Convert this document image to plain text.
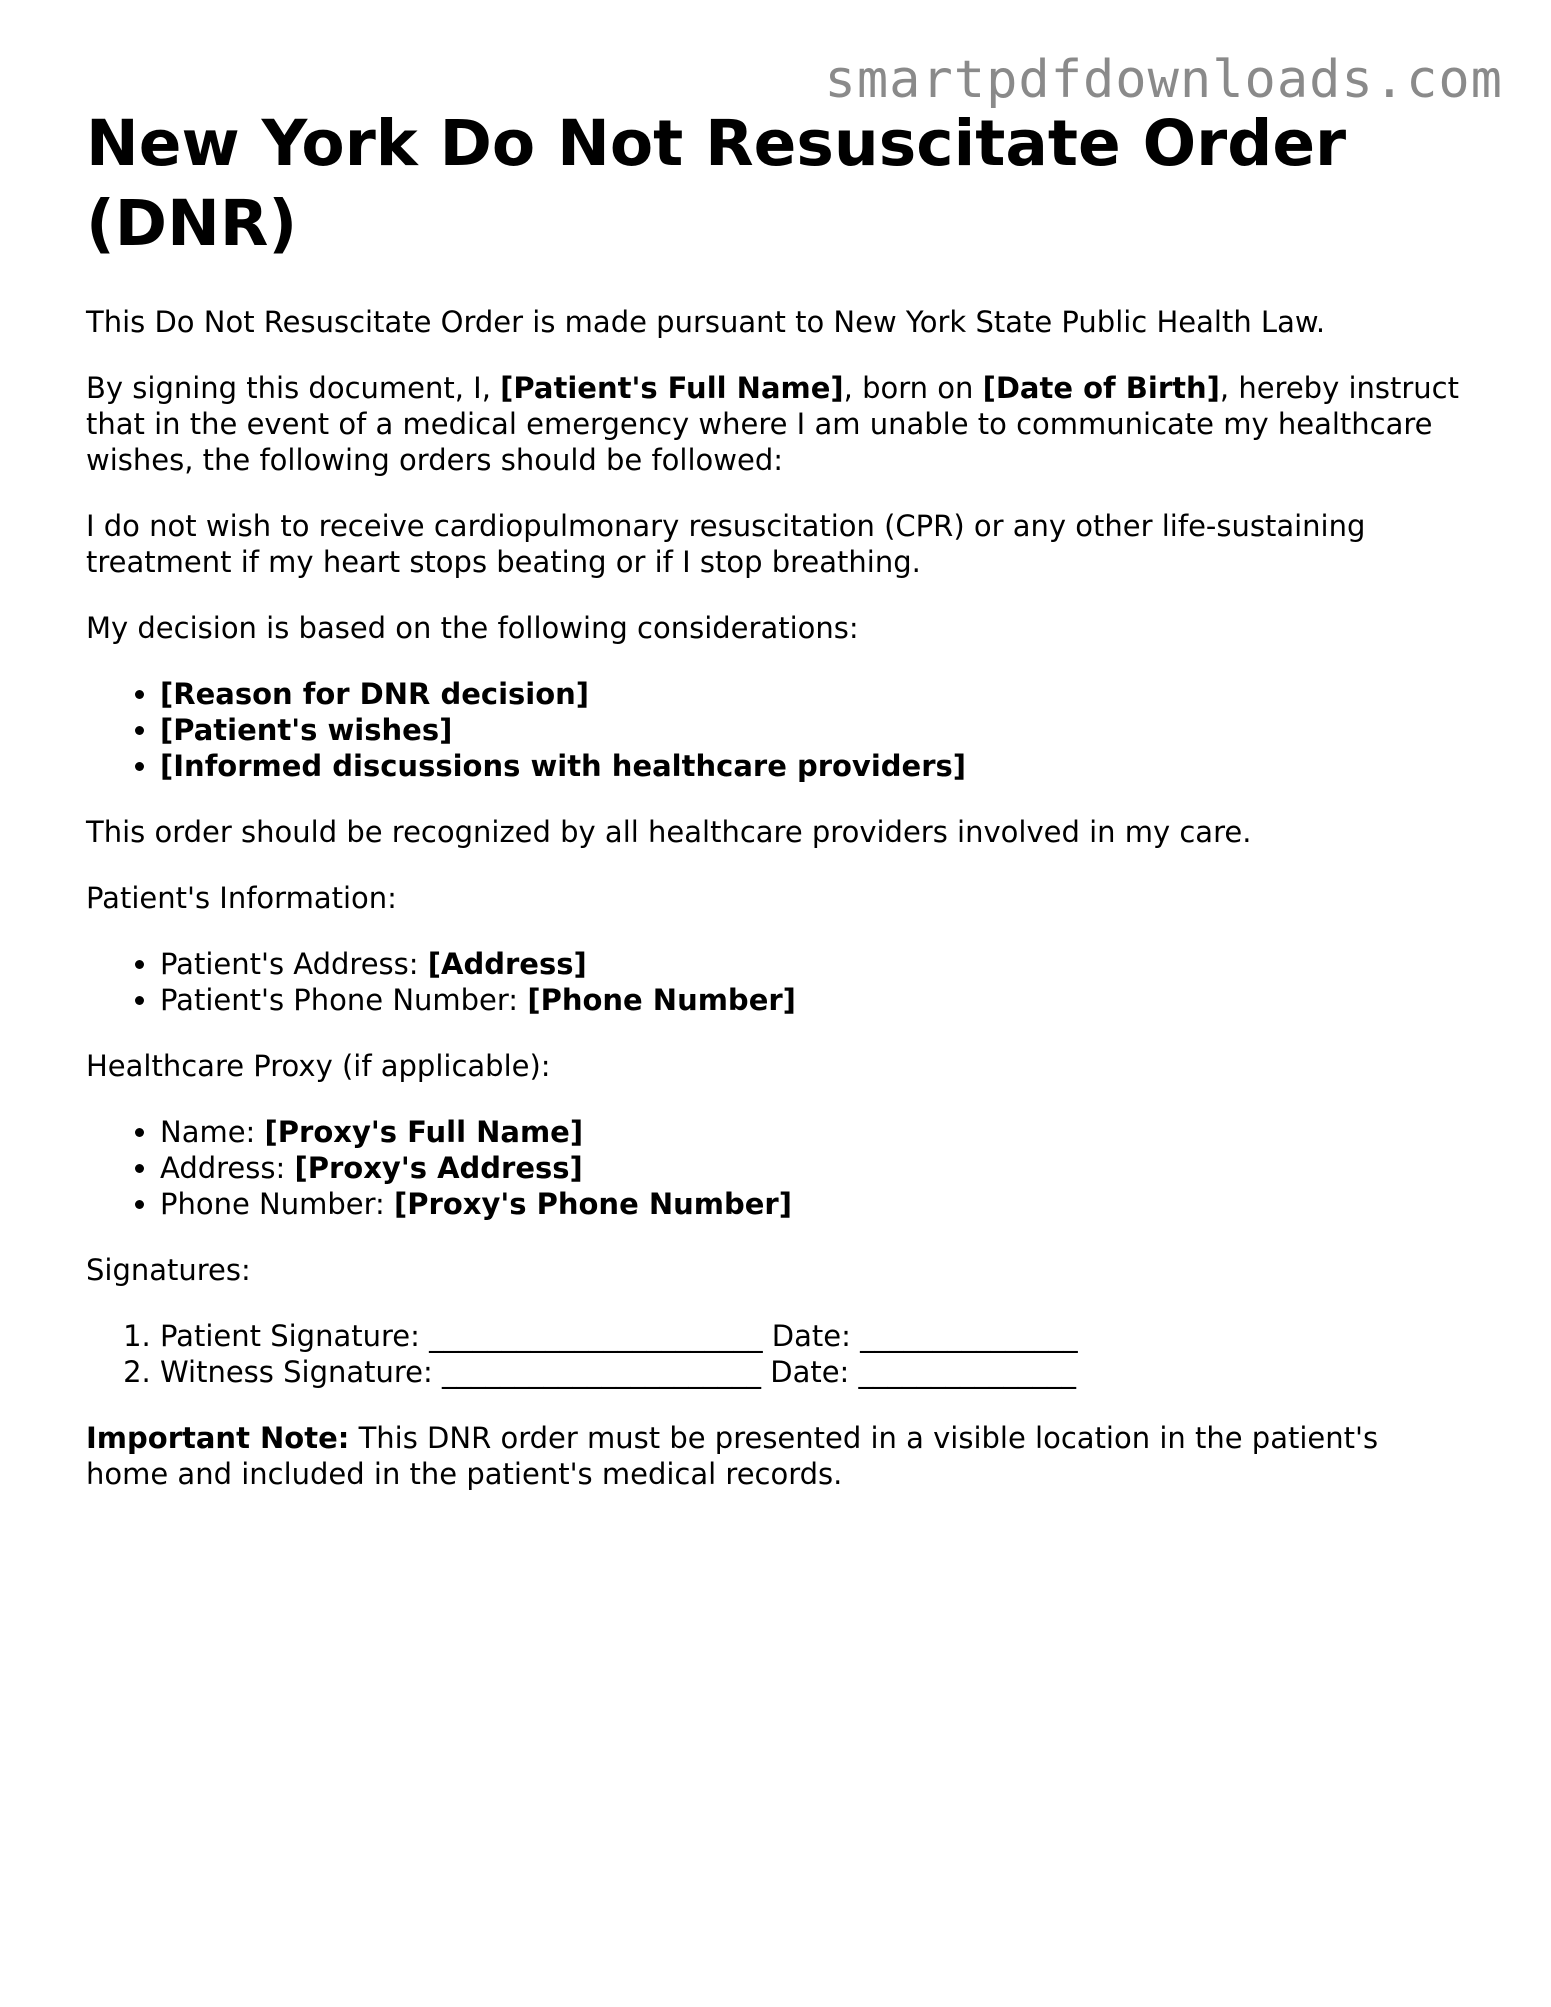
smartpdfdownloads.com
New York Do Not Resuscitate Order (DNR)

This Do Not Resuscitate Order is made pursuant to New York State Public Health Law.

By signing this document, I, [Patient's Full Name], born on [Date of Birth], hereby instruct that in the event of a medical emergency where I am unable to communicate my healthcare wishes, the following orders should be followed:

I do not wish to receive cardiopulmonary resuscitation (CPR) or any other life-sustaining treatment if my heart stops beating or if I stop breathing.

My decision is based on the following considerations:

• [Reason for DNR decision]
• [Patient's wishes]
• [Informed discussions with healthcare providers]

This order should be recognized by all healthcare providers involved in my care.

Patient's Information:

• Patient's Address: [Address]
• Patient's Phone Number: [Phone Number]

Healthcare Proxy (if applicable):

• Name: [Proxy's Full Name]
• Address: [Proxy's Address]
• Phone Number: [Proxy's Phone Number]

Signatures:

1. Patient Signature: _______________________ Date: _______________
2. Witness Signature: ______________________ Date: _______________

Important Note: This DNR order must be presented in a visible location in the patient's home and included in the patient's medical records.
